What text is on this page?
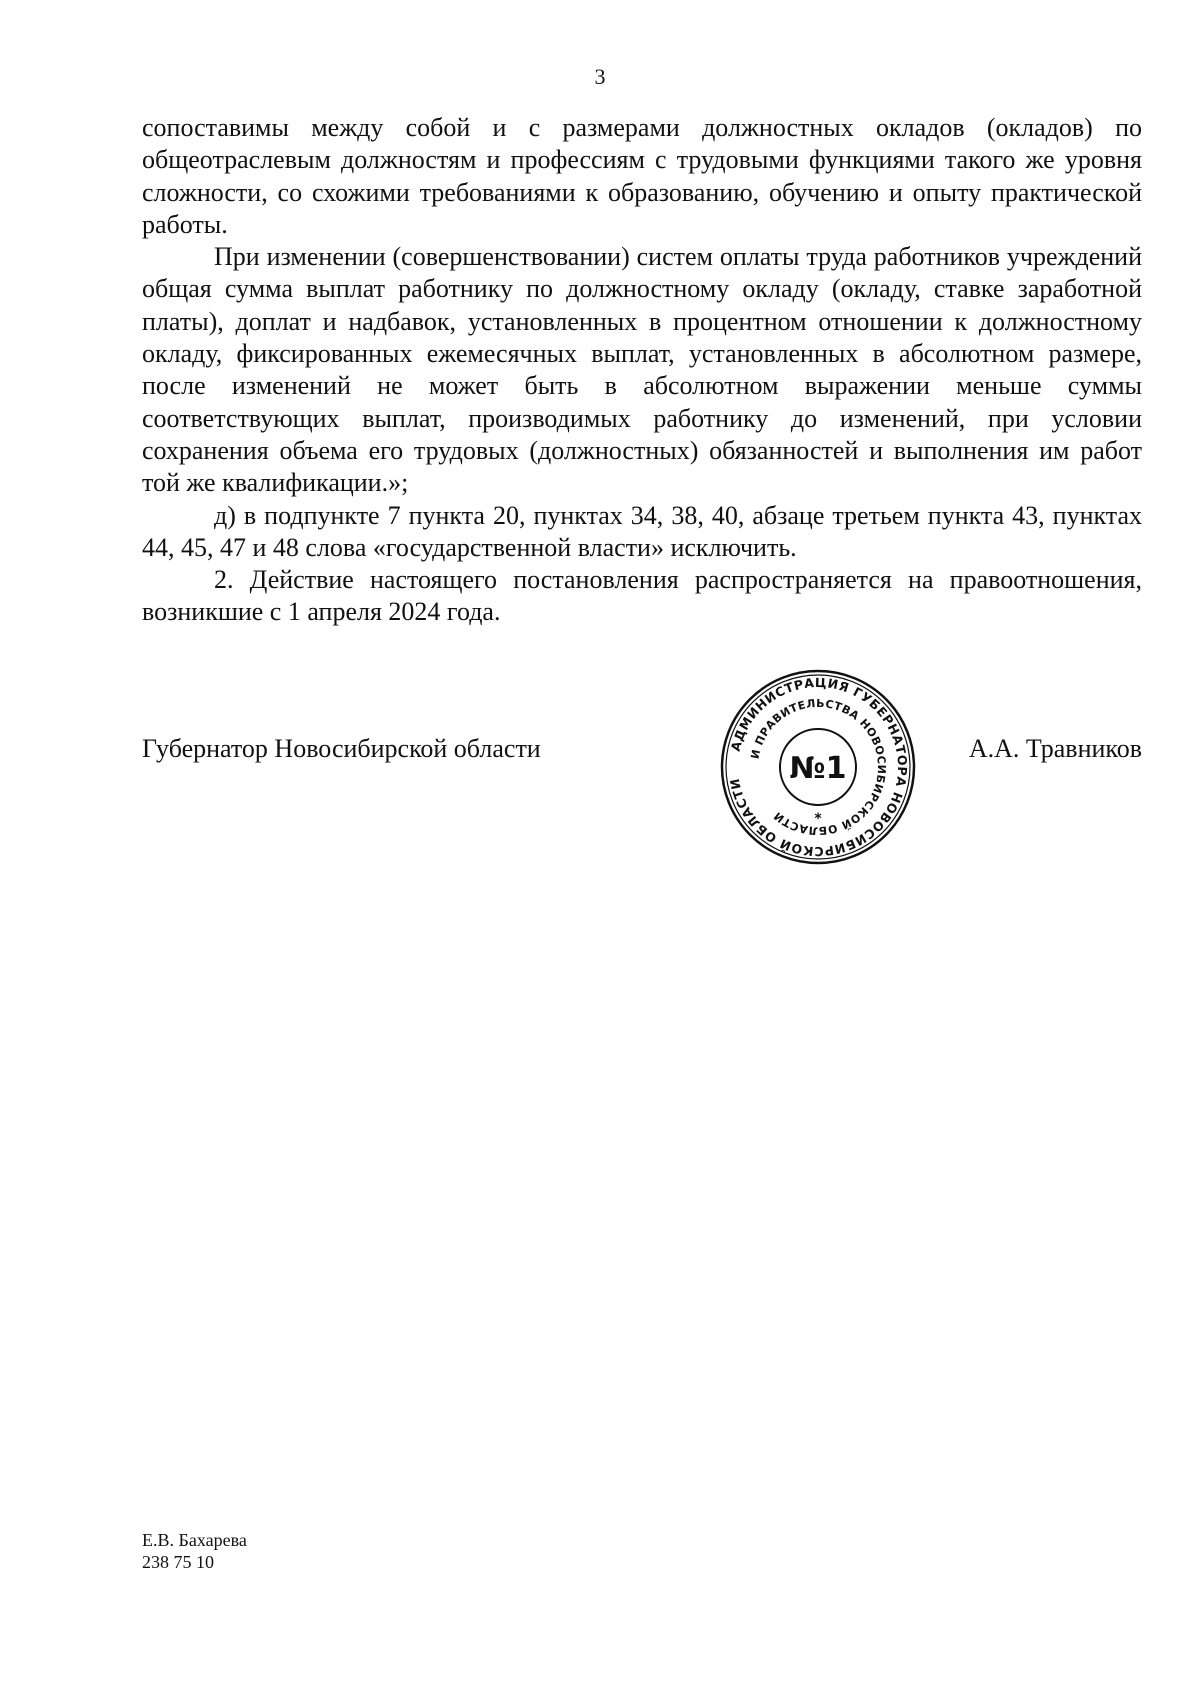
3

сопоставимы между собой и с размерами должностных окладов (окладов) по общеотраслевым должностям и профессиям с трудовыми функциями такого же уровня сложности, со схожими требованиями к образованию, обучению и опыту практической работы.

При изменении (совершенствовании) систем оплаты труда работников учреждений общая сумма выплат работнику по должностному окладу (окладу, ставке заработной платы), доплат и надбавок, установленных в процентном отношении к должностному окладу, фиксированных ежемесячных выплат, установленных в абсолютном размере, после изменений не может быть в абсолютном выражении меньше суммы соответствующих выплат, производимых работнику до изменений, при условии сохранения объема его трудовых (должностных) обязанностей и выполнения им работ той же квалификации.»;

д) в подпункте 7 пункта 20, пунктах 34, 38, 40, абзаце третьем пункта 43, пунктах 44, 45, 47 и 48 слова «государственной власти» исключить.

2. Действие настоящего постановления распространяется на правоотношения, возникшие с 1 апреля 2024 года.

Губернатор Новосибирской области	АДМИНИСТРАЦИЯ ГУБЕРНАТОРА НОВОСИБИРСКОЙ ОБЛАСТИ
И ПРАВИТЕЛЬСТВА НОВОСИБИРСКОЙ ОБЛАСТИ
№1
*
А.А. Травников
Е.В. Бахарева
238 75 10
